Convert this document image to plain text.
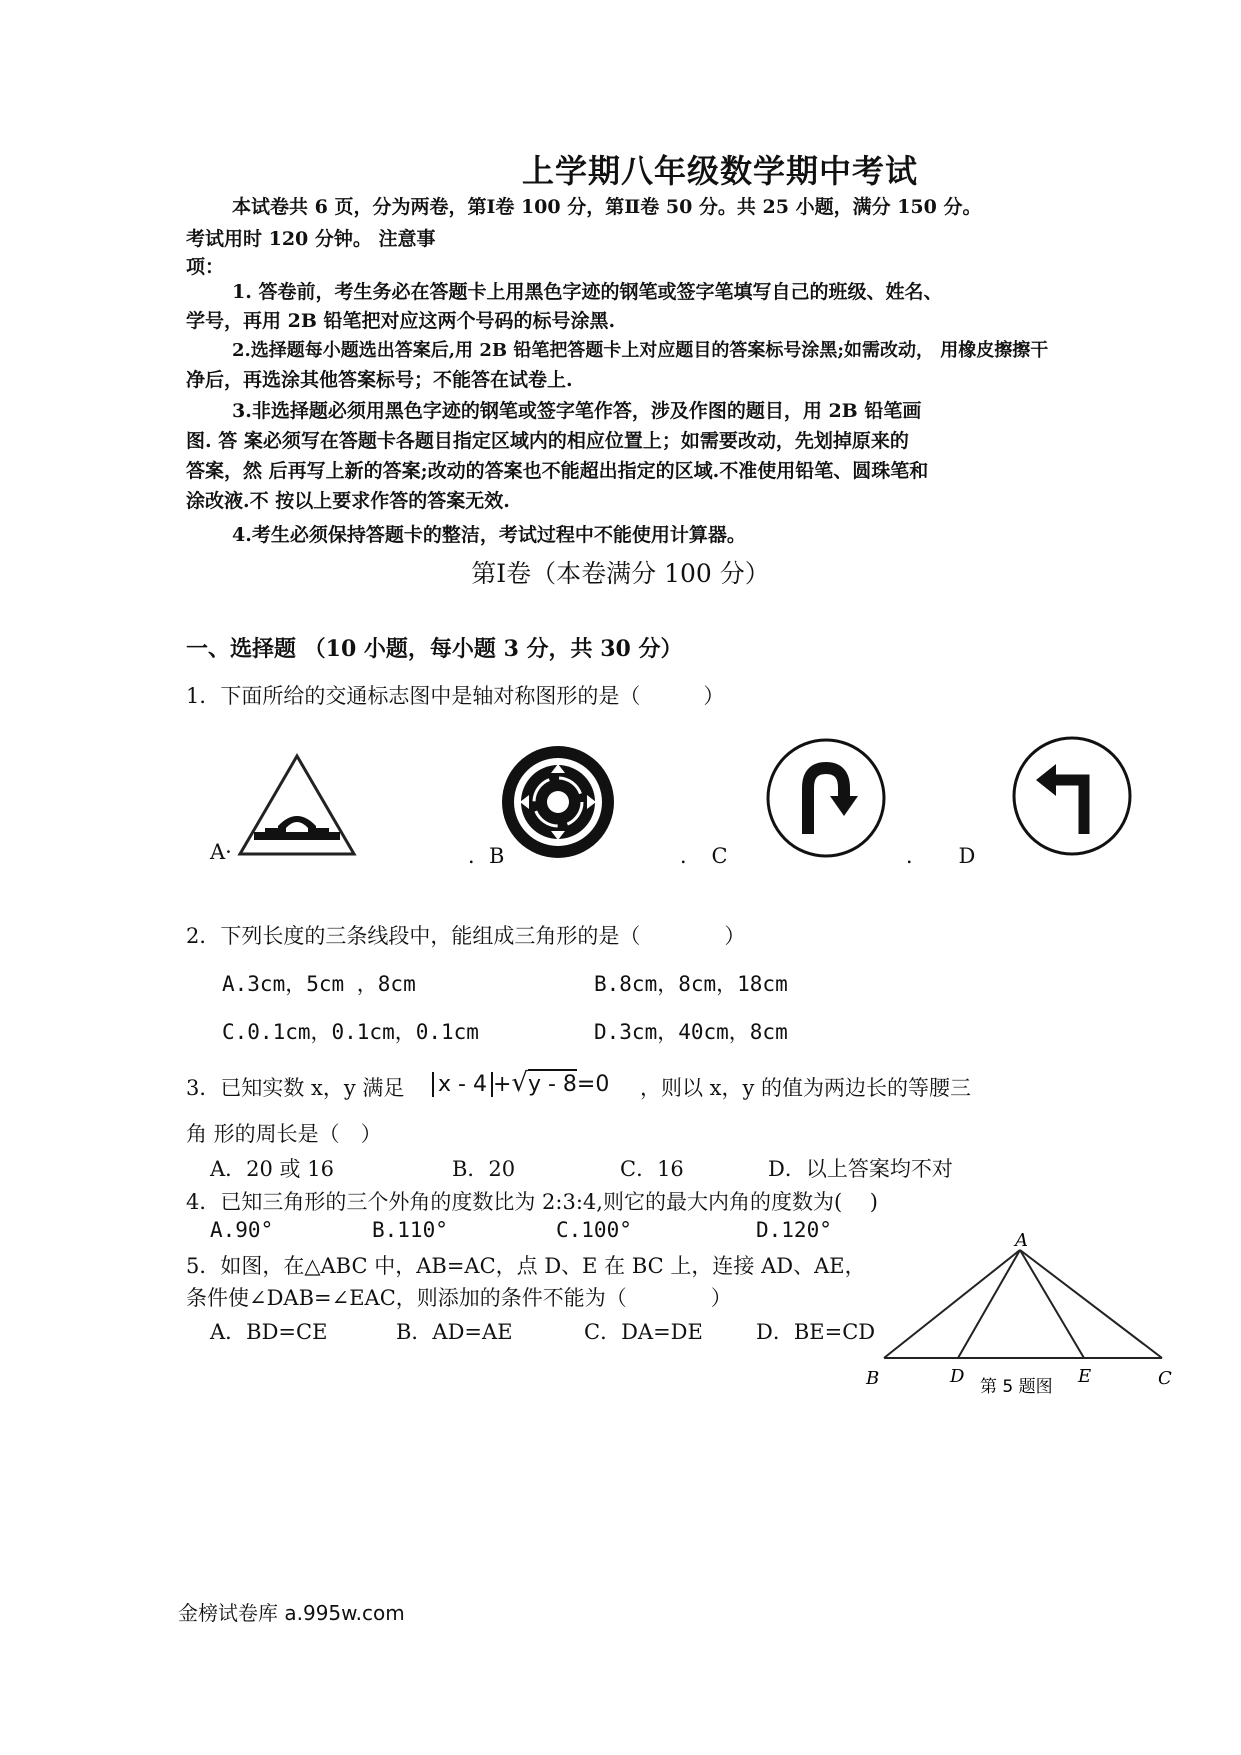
上学期八年级数学期中考试
本试卷共 6 页，分为两卷，第Ⅰ卷 100 分，第Ⅱ卷 50 分。共 25 小题，满分 150 分。
考试用时 120 分钟。 注意事
项：
1. 答卷前，考生务必在答题卡上用黑色字迹的钢笔或签字笔填写自己的班级、姓名、
学号，再用 2B 铅笔把对应这两个号码的标号涂黑.
2.选择题每小题选出答案后,用 2B 铅笔把答题卡上对应题目的答案标号涂黑;如需改动， 用橡皮擦擦干
净后，再选涂其他答案标号；不能答在试卷上.
3.非选择题必须用黑色字迹的钢笔或签字笔作答，涉及作图的题目，用 2B 铅笔画
图. 答 案必须写在答题卡各题目指定区域内的相应位置上；如需要改动，先划掉原来的
答案，然 后再写上新的答案;改动的答案也不能超出指定的区域.不准使用铅笔、圆珠笔和
涂改液.不 按以上要求作答的答案无效.
4.考生必须保持答题卡的整洁，考试过程中不能使用计算器。
第Ⅰ卷（本卷满分 100 分）
一、选择题 （10 小题，每小题 3 分，共 30 分）
1．下面所给的交通标志图中是轴对称图形的是（　　　）
A·	．B	．　C	．　　D
2．下列长度的三条线段中，能组成三角形的是（　　　　）
A.3cm，5cm ，8cm	B.8cm，8cm，18cm
C.0.1cm，0.1cm，0.1cm	D.3cm，40cm，8cm
3．已知实数 x，y 满足 x - 4 +√y - 8=0 ，则以 x，y 的值为两边长的等腰三
角 形的周长是（　）
A．20 或 16	B．20	C．16	D．以上答案均不对
4．已知三角形的三个外角的度数比为 2:3:4,则它的最大内角的度数为(　 )
A.90°	B.110°	C.100°	D.120°
5．如图，在△ABC 中，AB=AC，点 D、E 在 BC 上，连接 AD、AE，
条件使∠DAB=∠EAC，则添加的条件不能为（　　　　）
A．BD=CE	B．AD=AE	C．DA=DE	D．BE=CD
A
B	D	E	C
第 5 题图
金榜试卷库 a.995w.com
